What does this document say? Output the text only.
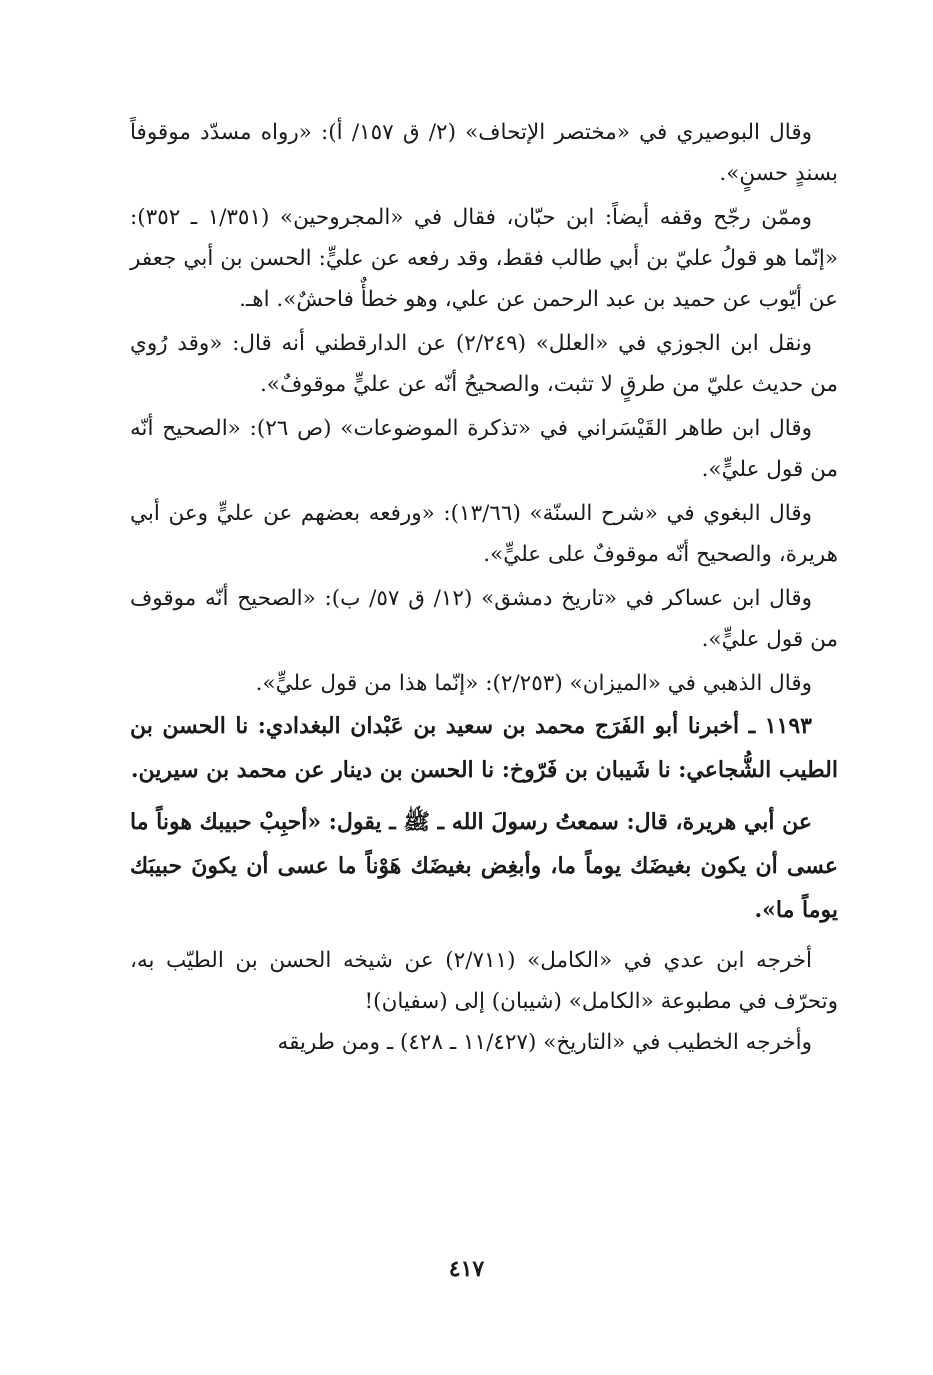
وقال البوصيري في «مختصر الإتحاف» (٢/ ق ١٥٧/ أ): «رواه مسدّد موقوفاً بسندٍ حسنٍ».

وممّن رجّح وقفه أيضاً: ابن حبّان، فقال في «المجروحين» (١/٣٥١ ـ ٣٥٢): «إنّما هو قولُ عليّ بن أبي طالب فقط، وقد رفعه عن عليٍّ: الحسن بن أبي جعفر عن أيّوب عن حميد بن عبد الرحمن عن علي، وهو خطأٌ فاحشٌ». اهـ.

ونقل ابن الجوزي في «العلل» (٢/٢٤٩) عن الدارقطني أنه قال: «وقد رُوي من حديث عليّ من طرقٍ لا تثبت، والصحيحُ أنّه عن عليٍّ موقوفٌ».

وقال ابن طاهر القَيْسَراني في «تذكرة الموضوعات» (ص ٢٦): «الصحيح أنّه من قول عليٍّ».

وقال البغوي في «شرح السنّة» (١٣/٦٦): «ورفعه بعضهم عن عليٍّ وعن أبي هريرة، والصحيح أنّه موقوفٌ على عليٍّ».

وقال ابن عساكر في «تاريخ دمشق» (١٢/ ق ٥٧/ ب): «الصحيح أنّه موقوف من قول عليٍّ».

وقال الذهبي في «الميزان» (٢/٢٥٣): «إنّما هذا من قول عليٍّ».

١١٩٣ ـ أخبرنا أبو الفَرَج محمد بن سعيد بن عَبْدان البغدادي: نا الحسن بن الطيب الشُّجاعي: نا شَيبان بن فَرّوخ: نا الحسن بن دينار عن محمد بن سيرين.

عن أبي هريرة، قال: سمعتُ رسولَ الله ـ ﷺ ـ يقول: «أحبِبْ حبيبك هوناً ما عسى أن يكون بغيضَك يوماً ما، وأبغِض بغيضَك هَوْناً ما عسى أن يكونَ حبيبَك يوماً ما».

أخرجه ابن عدي في «الكامل» (٢/٧١١) عن شيخه الحسن بن الطيّب به، وتحرّف في مطبوعة «الكامل» (شيبان) إلى (سفيان)!

وأخرجه الخطيب في «التاريخ» (١١/٤٢٧ ـ ٤٢٨) ـ ومن طريقه

٤١٧
